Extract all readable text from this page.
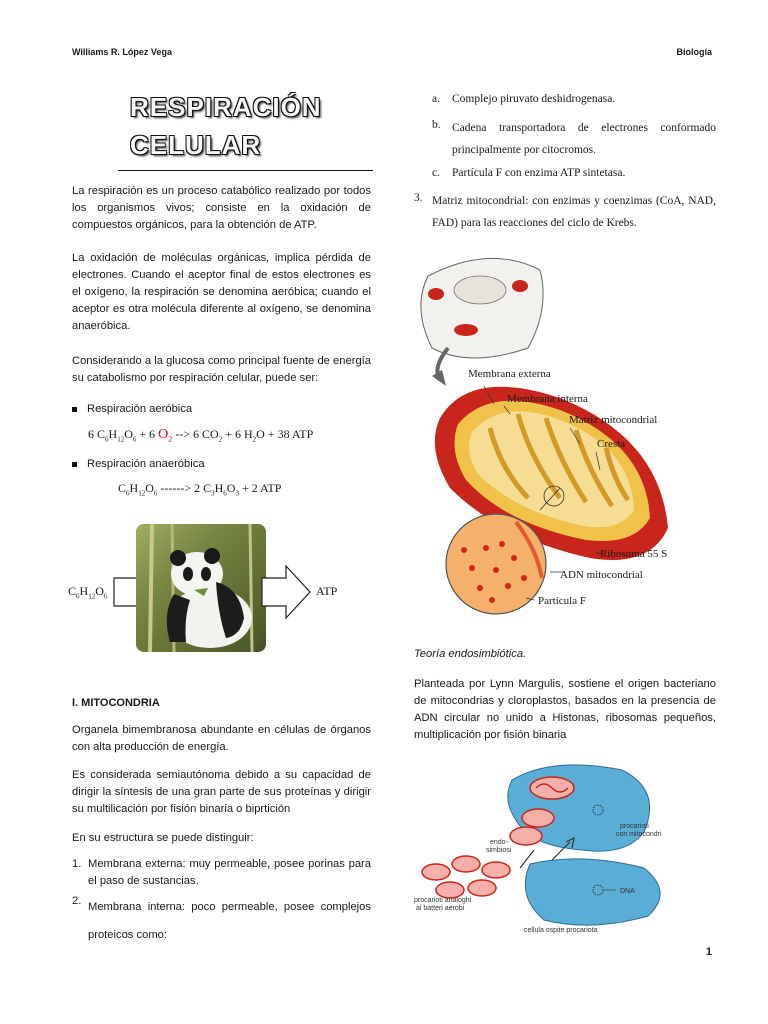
Williams R. López Vega	Biología
RESPIRACIÓN
CELULAR
La respiración es un proceso catabólico realizado por todos los organismos vivos; consiste en la oxidación de compuestos orgánicos, para la obtención de ATP.
La oxidación de moléculas orgánicas, implica pérdida de electrones. Cuando el aceptor final de estos electrones es el oxígeno, la respiración se denomina aeróbica; cuando el aceptor es otra molécula diferente al oxígeno, se denomina anaeróbica.
Considerando a la glucosa como principal fuente de energía su catabolismo por respiración celular, puede ser:
Respiración aeróbica
6 $C_6H_{12}O_6 + 6$ $O_2$ --> 6 $CO_2 + 6$ $H_2O + 38$ ATP
Respiración anaeróbica
$C_6H_{12}O_6$ ------> 2 $C_3H_6O_3 + 2$ ATP
$C_6H_{12}O_6$	ATP
I. MITOCONDRIA
Organela bimembranosa abundante en células de órganos con alta producción de energía.
Es considerada semiautónoma debido a su capacidad de dirigir la síntesis de una gran parte de sus proteínas y dirigir su multilicación por fisión binaria o biprtición
En su estructura se puede distinguir:
1. Membrana externa: muy permeable, posee porinas para el paso de sustancias.
2. Membrana interna: poco permeable, posee complejos proteicos como:
a. Complejo piruvato deshidrogenasa.
b. Cadena transportadora de electrones conformado principalmente por citocromos.
c. Partícula F con enzima ATP sintetasa.
3. Matriz mitocondrial: con enzimas y coenzimas (CoA, NAD, FAD) para las reacciones del ciclo de Krebs.
Membrana externa
Membrana interna
Matriz mitocondrial
Cresta
Ribosoma 55 S
ADN mitocondrial
Partícula F
Teoría endosimbiótica.
Planteada por Lynn Margulis, sostiene el origen bacteriano de mitocondrias y cloroplastos, basados en la presencia de ADN circular no unido a Histonas, ribosomas pequeños, multiplicación por fisión binaria
endo-
simbiosi
procarioti
con mitocondri
DNA
procarioti analoghi
ai batteri aerobi
cellula ospite procariota
1
